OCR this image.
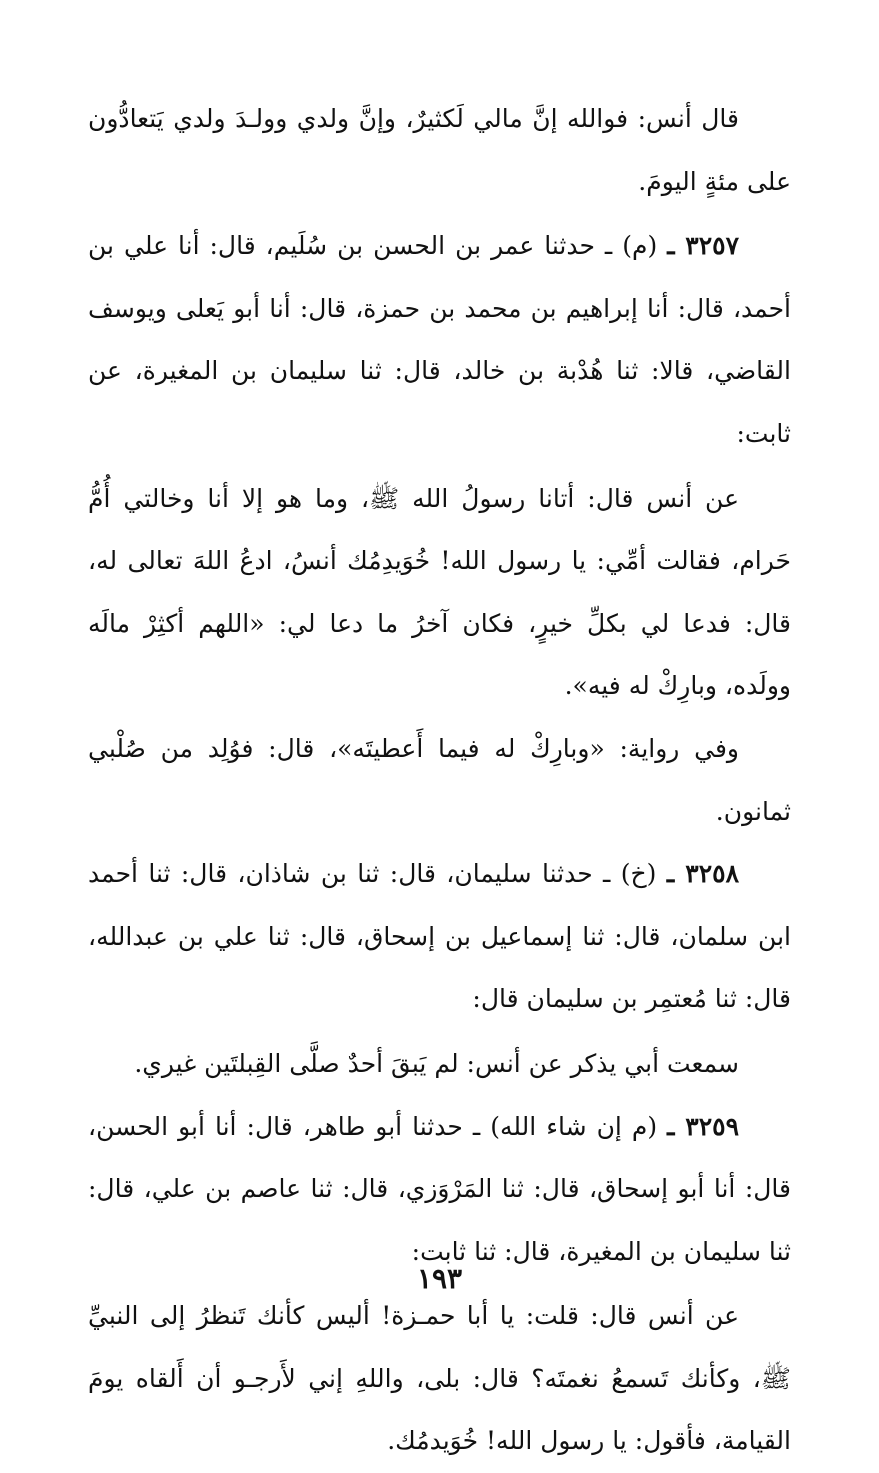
قال أنس: فوالله إنَّ مالي لَكثيرٌ، وإنَّ ولدي وولـدَ ولدي يَتعادُّون على مئةٍ اليومَ.

٣٢٥٧ ـ (م) ـ حدثنا عمر بن الحسن بن سُلَيم، قال: أنا علي بن أحمد، قال: أنا إبراهيم بن محمد بن حمزة، قال: أنا أبو يَعلى ويوسف القاضي، قالا: ثنا هُدْبة بن خالد، قال: ثنا سليمان بن المغيرة، عن ثابت:

عن أنس قال: أتانا رسولُ الله ﷺ، وما هو إلا أنا وخالتي أُمُّ حَرام، فقالت أمِّي: يا رسول الله! خُوَيدِمُك أنسُ، ادعُ اللهَ تعالى له، قال: فدعا لي بكلِّ خيرٍ، فكان آخرُ ما دعا لي: «اللهم أكثِرْ مالَه وولَده، وبارِكْ له فيه».

وفي رواية: «وبارِكْ له فيما أَعطيتَه»، قال: فوُلِد من صُلْبي ثمانون.

٣٢٥٨ ـ (خ) ـ حدثنا سليمان، قال: ثنا بن شاذان، قال: ثنا أحمد ابن سلمان، قال: ثنا إسماعيل بن إسحاق، قال: ثنا علي بن عبدالله، قال: ثنا مُعتمِر بن سليمان قال:

سمعت أبي يذكر عن أنس: لم يَبقَ أحدٌ صلَّى القِبلتَين غيري.

٣٢٥٩ ـ (م إن شاء الله) ـ حدثنا أبو طاهر، قال: أنا أبو الحسن، قال: أنا أبو إسحاق، قال: ثنا المَرْوَزي، قال: ثنا عاصم بن علي، قال: ثنا سليمان بن المغيرة، قال: ثنا ثابت:

عن أنس قال: قلت: يا أبا حمـزة! أليس كأنك تَنظرُ إلى النبيِّ ﷺ، وكأنك تَسمعُ نغمتَه؟ قال: بلى، واللهِ إني لأَرجـو أن أَلقاه يومَ القيامة، فأقول: يا رسول الله! خُوَيدمُك.

١٩٣
